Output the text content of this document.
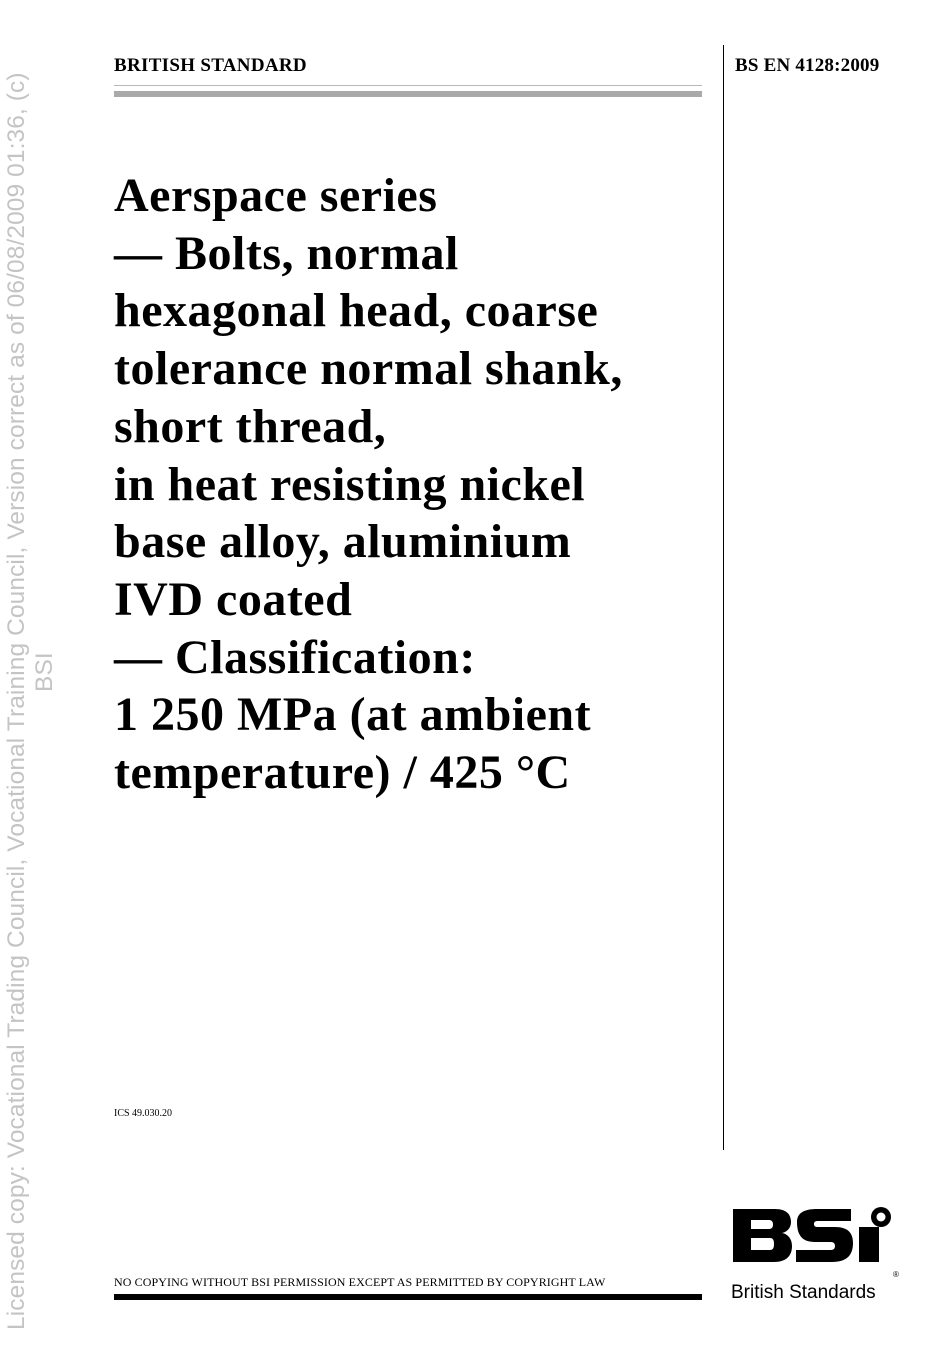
Licensed copy: Vocational Trading Council, Vocational Training Council, Version correct as of 06/08/2009 01:36, (c) BSI
BRITISH STANDARD	BS EN 4128:2009
Aerspace series
— Bolts, normal
hexagonal head, coarse
tolerance normal shank,
short thread,
in heat resisting nickel
base alloy, aluminium
IVD coated
— Classification:
1 250 MPa (at ambient
temperature) / 425 °C
ICS 49.030.20
NO COPYING WITHOUT BSI PERMISSION EXCEPT AS PERMITTED BY COPYRIGHT LAW
®
British Standards
